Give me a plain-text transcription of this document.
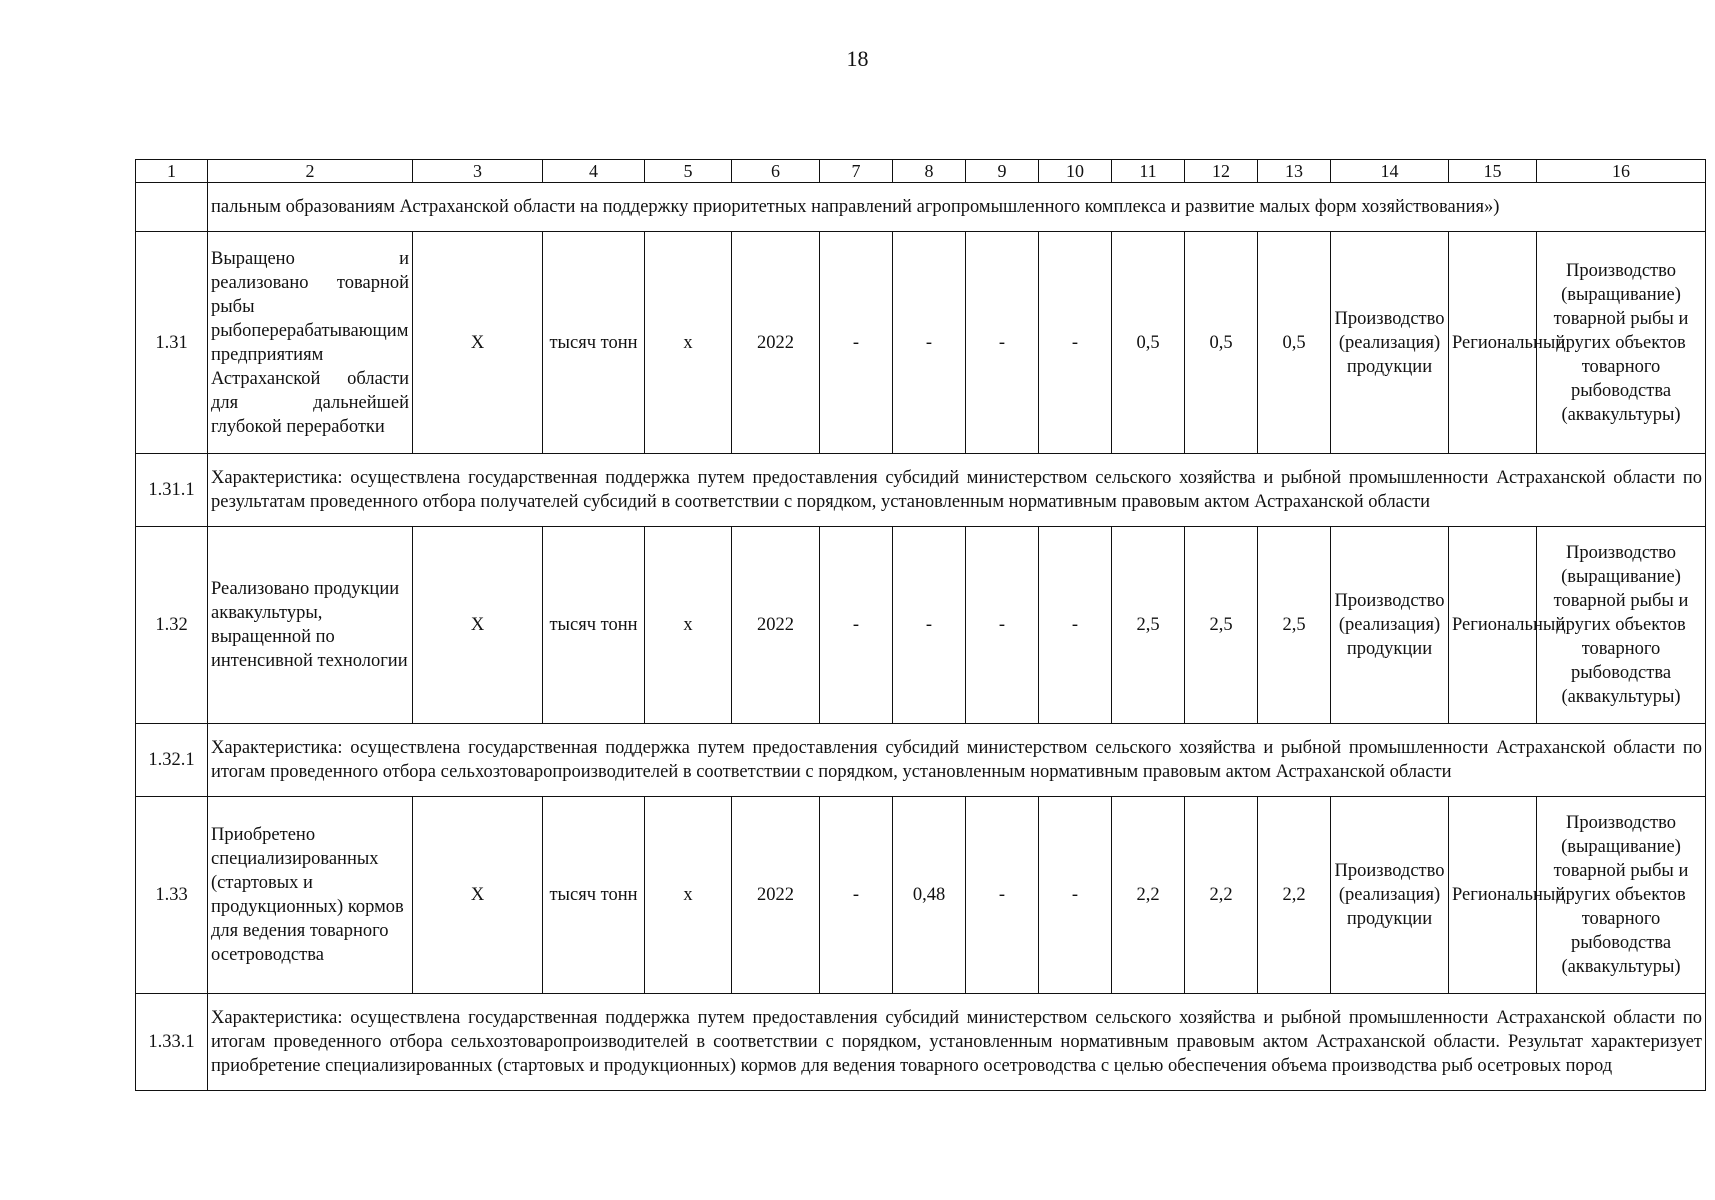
18
1	2	3	4	5	6	7	8	9	10	11	12	13	14	15	16
	пальным образованиям Астраханской области на поддержку приоритетных направлений агропромышленного комплекса и развитие малых форм хозяйствования»)														
1.31	Выращено и реализовано товарной рыбы рыбоперерабатывающим предприятиям Астраханской области для дальнейшей глубокой переработки	Х	тысяч тонн	х	2022	-	-	-	-	0,5	0,5	0,5	Производство (реализация) продукции	Региональный	Производство (выращивание) товарной рыбы и других объектов товарного рыбоводства (аквакультуры)
1.31.1	Характеристика: осуществлена государственная поддержка путем предоставления субсидий министерством сельского хозяйства и рыбной промышленности Астраханской области по результатам проведенного отбора получателей субсидий в соответствии с порядком, установленным нормативным правовым актом Астраханской области														
1.32	Реализовано продукции аквакультуры, выращенной по интенсивной технологии	Х	тысяч тонн	х	2022	-	-	-	-	2,5	2,5	2,5	Производство (реализация) продукции	Региональный	Производство (выращивание) товарной рыбы и других объектов товарного рыбоводства (аквакультуры)
1.32.1	Характеристика: осуществлена государственная поддержка путем предоставления субсидий министерством сельского хозяйства и рыбной промышленности Астраханской области по итогам проведенного отбора сельхозтоваропроизводителей в соответствии с порядком, установленным нормативным правовым актом Астраханской области														
1.33	Приобретено специализированных (стартовых и продукционных) кормов для ведения товарного осетроводства	Х	тысяч тонн	х	2022	-	0,48	-	-	2,2	2,2	2,2	Производство (реализация) продукции	Региональный	Производство (выращивание) товарной рыбы и других объектов товарного рыбоводства (аквакультуры)
1.33.1	Характеристика: осуществлена государственная поддержка путем предоставления субсидий министерством сельского хозяйства и рыбной промышленности Астраханской области по итогам проведенного отбора сельхозтоваропроизводителей в соответствии с порядком, установленным нормативным правовым актом Астраханской области. Результат характеризует приобретение специализированных (стартовых и продукционных) кормов для ведения товарного осетроводства с целью обеспечения объема производства рыб осетровых пород														
